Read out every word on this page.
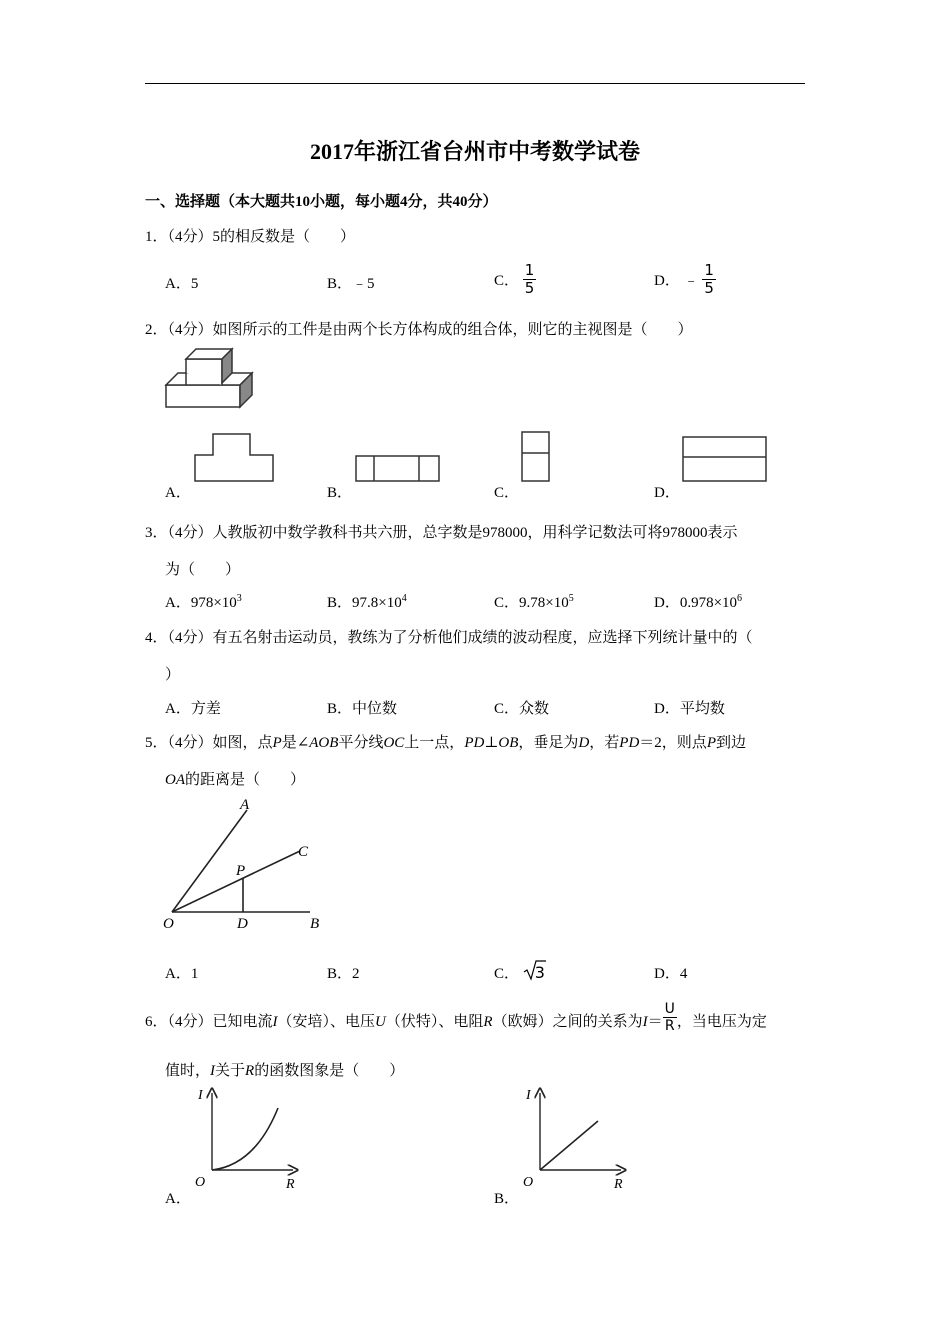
2017年浙江省台州市中考数学试卷
一、选择题（本大题共10小题，每小题4分，共40分）
1．（4分）5的相反数是（　　）
A．5	B．﹣5	C． $\frac{1}{5}$	D． ﹣ $\frac{1}{5}$
2．（4分）如图所示的工件是由两个长方体构成的组合体，则它的主视图是（　　）
A．	B．	C．	D．
3．（4分）人教版初中数学教科书共六册，总字数是978000，用科学记数法可将978000表示
为（　　）
A．$978\times 10^3$	B．$97.8\times 10^4$	C．$9.78\times 10^5$	D．$0.978\times 10^6$
4．（4分）有五名射击运动员，教练为了分析他们成绩的波动程度，应选择下列统计量中的（
）
A．方差	B．中位数	C．众数	D．平均数
5．（4分）如图，点P是∠AOB平分线OC上一点，PD⊥OB，垂足为D，若PD＝2，则点P到边
OA的距离是（　　）
A
C
P
O	D	B
A．1	B．2	C． 3	D．4
6．（4分）已知电流I（安培）、电压U（伏特）、电阻R（欧姆）之间的关系为$I= \frac{U}{R}$ ，当电压为定
值时，I关于R的函数图象是（　　）
I
O	R
I
O	R
A．	B．
